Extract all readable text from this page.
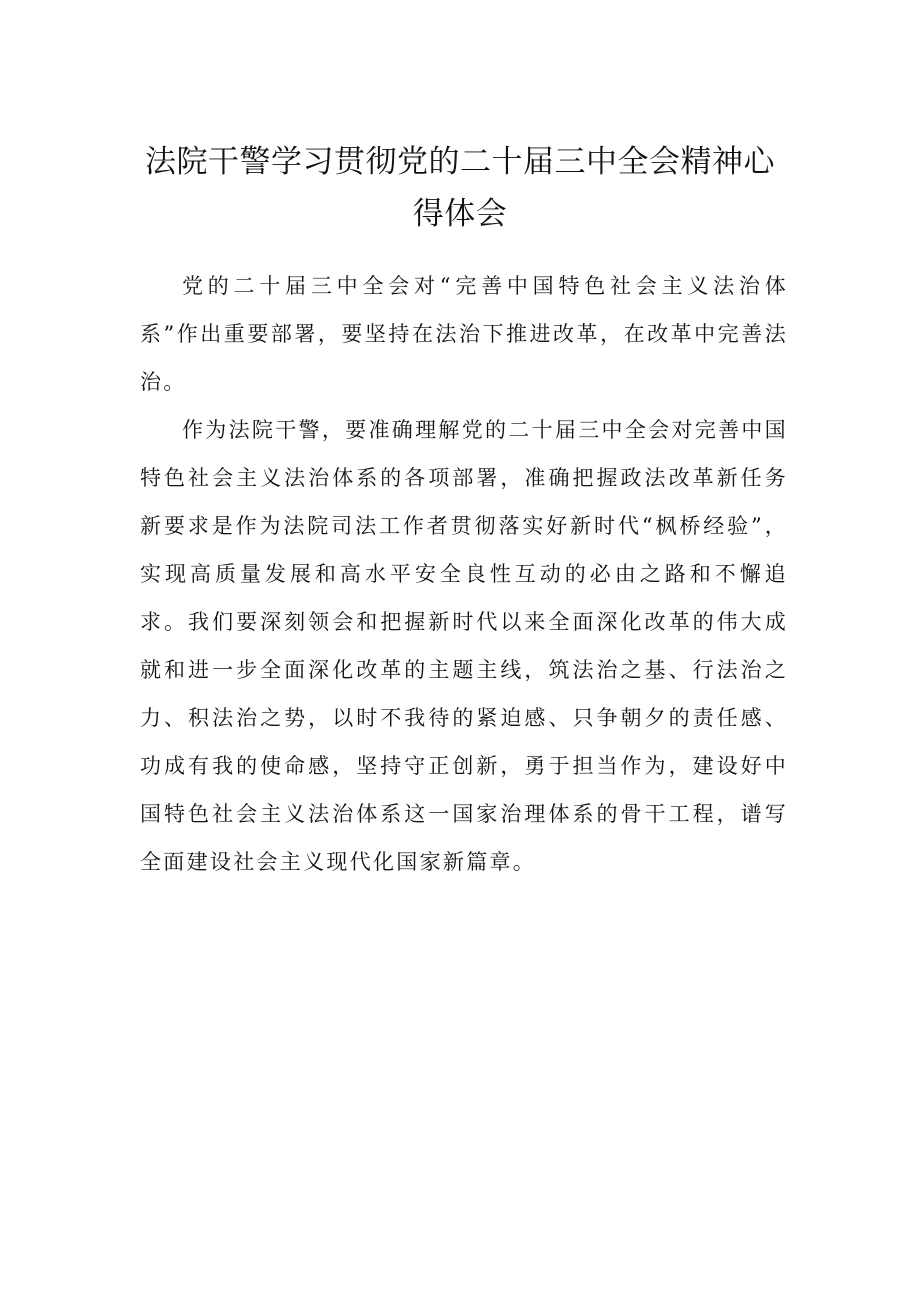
法院干警学习贯彻党的二十届三中全会精神心得体会

党的二十届三中全会对“完善中国特色社会主义法治体系”作出重要部署，要坚持在法治下推进改革，在改革中完善法治。

作为法院干警，要准确理解党的二十届三中全会对完善中国特色社会主义法治体系的各项部署，准确把握政法改革新任务新要求是作为法院司法工作者贯彻落实好新时代“枫桥经验”，实现高质量发展和高水平安全良性互动的必由之路和不懈追求。我们要深刻领会和把握新时代以来全面深化改革的伟大成就和进一步全面深化改革的主题主线，筑法治之基、行法治之力、积法治之势，以时不我待的紧迫感、只争朝夕的责任感、功成有我的使命感，坚持守正创新，勇于担当作为，建设好中国特色社会主义法治体系这一国家治理体系的骨干工程，谱写全面建设社会主义现代化国家新篇章。
